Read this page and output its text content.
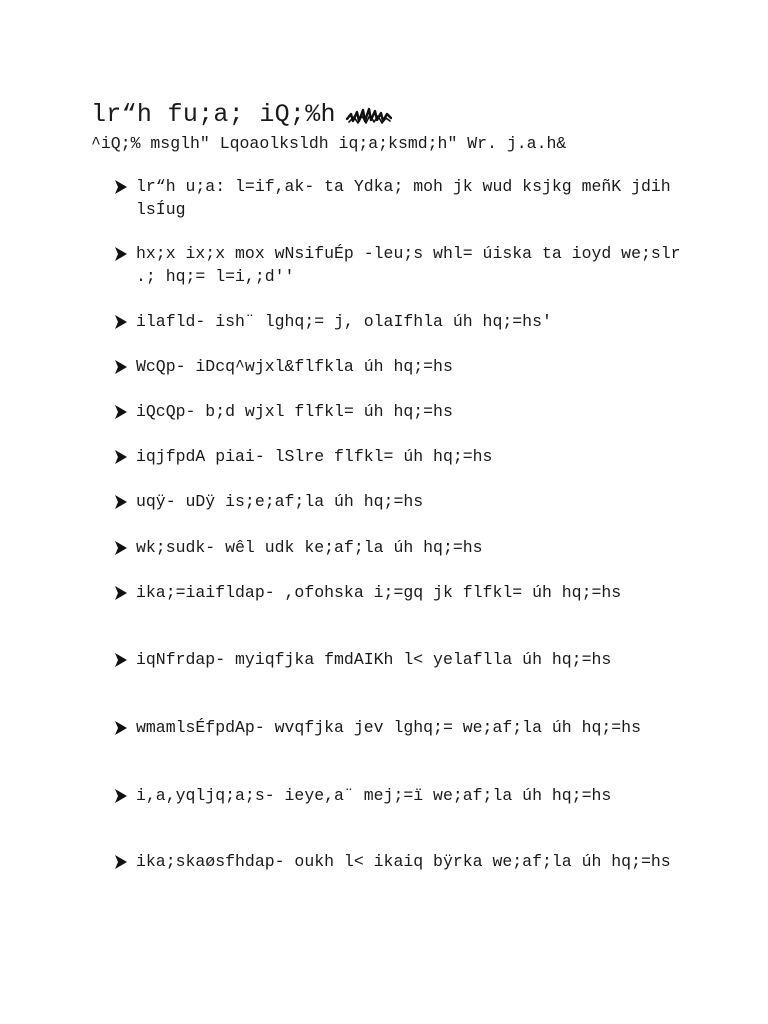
lr“h fu;a; iQ;%h
^iQ;% msglh" Lqoaolksldh iq;a;ksmd;h" Wr. j.a.h&
lr“h u;a: l=if,ak- ta Ydka; moh jk wud ksjkg meñK jdih lsÍug
hx;x ix;x mox wNsifuÉp -leu;s whl= úiska ta ioyd we;slr .; hq;= l=i,;d''
ilafld- ish¨ lghq;= j, olaIfhla úh hq;=hs'
WcQp- iDcq^wjxl&flfkla úh hq;=hs
iQcQp- b;d wjxl flfkl= úh hq;=hs
iqjfpdA piai- lSlre flfkl= úh hq;=hs
uqÿ- uDÿ is;e;af;la úh hq;=hs
wk;sudk- wêl udk ke;af;la úh hq;=hs
ika;=iaifldap- ,ofohska i;=gq jk flfkl= úh hq;=hs
iqNfrdap- myiqfjka fmdAIKh l< yelaflla úh hq;=hs
wmamlsÉfpdAp- wvqfjka jev lghq;= we;af;la úh hq;=hs
i,a,yqljq;a;s- ieye,a¨ mej;=ï we;af;la úh hq;=hs
ika;skaøsfhdap- oukh l< ikaiq bÿrka we;af;la úh hq;=hs
